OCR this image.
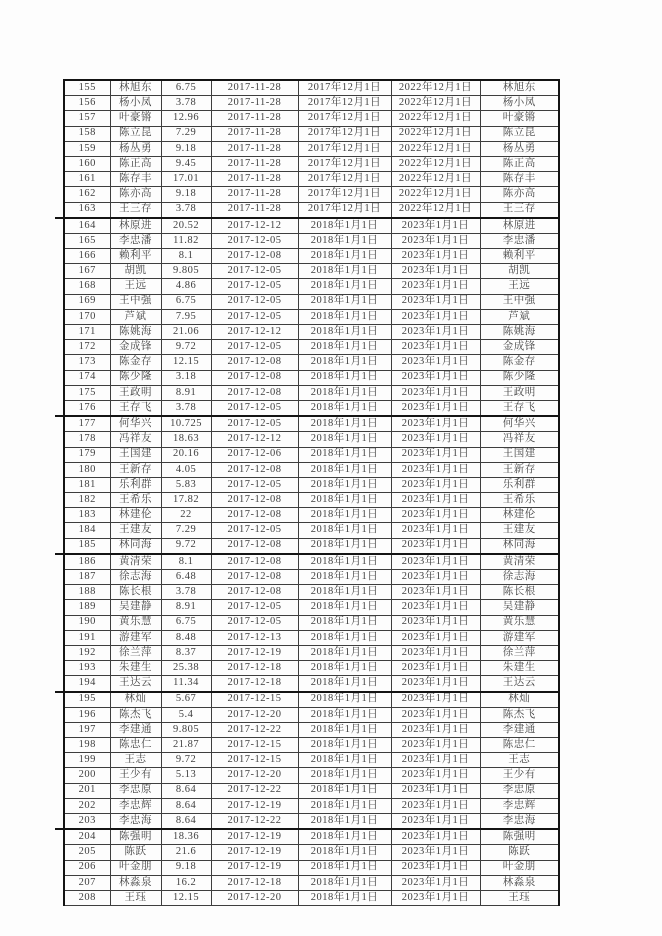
155	林旭东	6.75	2017-11-28	2017年12月1日	2022年12月1日	林旭东
156	杨小凤	3.78	2017-11-28	2017年12月1日	2022年12月1日	杨小凤
157	叶豪锵	12.96	2017-11-28	2017年12月1日	2022年12月1日	叶豪锵
158	陈立昆	7.29	2017-11-28	2017年12月1日	2022年12月1日	陈立昆
159	杨丛勇	9.18	2017-11-28	2017年12月1日	2022年12月1日	杨丛勇
160	陈正高	9.45	2017-11-28	2017年12月1日	2022年12月1日	陈正高
161	陈存丰	17.01	2017-11-28	2017年12月1日	2022年12月1日	陈存丰
162	陈亦高	9.18	2017-11-28	2017年12月1日	2022年12月1日	陈亦高
163	王三存	3.78	2017-11-28	2017年12月1日	2022年12月1日	王三存
164	林原进	20.52	2017-12-12	2018年1月1日	2023年1月1日	林原进
165	李忠潘	11.82	2017-12-05	2018年1月1日	2023年1月1日	李忠潘
166	赖利平	8.1	2017-12-08	2018年1月1日	2023年1月1日	赖利平
167	胡凯	9.805	2017-12-05	2018年1月1日	2023年1月1日	胡凯
168	王远	4.86	2017-12-05	2018年1月1日	2023年1月1日	王远
169	王中强	6.75	2017-12-05	2018年1月1日	2023年1月1日	王中强
170	芦斌	7.95	2017-12-05	2018年1月1日	2023年1月1日	芦斌
171	陈姚海	21.06	2017-12-12	2018年1月1日	2023年1月1日	陈姚海
172	金成锋	9.72	2017-12-05	2018年1月1日	2023年1月1日	金成锋
173	陈金存	12.15	2017-12-08	2018年1月1日	2023年1月1日	陈金存
174	陈少隆	3.18	2017-12-08	2018年1月1日	2023年1月1日	陈少隆
175	王政明	8.91	2017-12-08	2018年1月1日	2023年1月1日	王政明
176	王存飞	3.78	2017-12-05	2018年1月1日	2023年1月1日	王存飞
177	何华兴	10.725	2017-12-05	2018年1月1日	2023年1月1日	何华兴
178	冯祥友	18.63	2017-12-12	2018年1月1日	2023年1月1日	冯祥友
179	王国建	20.16	2017-12-06	2018年1月1日	2023年1月1日	王国建
180	王新存	4.05	2017-12-08	2018年1月1日	2023年1月1日	王新存
181	乐利群	5.83	2017-12-05	2018年1月1日	2023年1月1日	乐利群
182	王希乐	17.82	2017-12-08	2018年1月1日	2023年1月1日	王希乐
183	林建伦	22	2017-12-08	2018年1月1日	2023年1月1日	林建伦
184	王建友	7.29	2017-12-05	2018年1月1日	2023年1月1日	王建友
185	林同海	9.72	2017-12-08	2018年1月1日	2023年1月1日	林同海
186	黄清荣	8.1	2017-12-08	2018年1月1日	2023年1月1日	黄清荣
187	徐志海	6.48	2017-12-08	2018年1月1日	2023年1月1日	徐志海
188	陈长根	3.78	2017-12-08	2018年1月1日	2023年1月1日	陈长根
189	吴建静	8.91	2017-12-05	2018年1月1日	2023年1月1日	吴建静
190	黄乐慧	6.75	2017-12-05	2018年1月1日	2023年1月1日	黄乐慧
191	游建军	8.48	2017-12-13	2018年1月1日	2023年1月1日	游建军
192	徐兰萍	8.37	2017-12-19	2018年1月1日	2023年1月1日	徐兰萍
193	朱建生	25.38	2017-12-18	2018年1月1日	2023年1月1日	朱建生
194	王达云	11.34	2017-12-18	2018年1月1日	2023年1月1日	王达云
195	林灿	5.67	2017-12-15	2018年1月1日	2023年1月1日	林灿
196	陈杰飞	5.4	2017-12-20	2018年1月1日	2023年1月1日	陈杰飞
197	李建通	9.805	2017-12-22	2018年1月1日	2023年1月1日	李建通
198	陈忠仁	21.87	2017-12-15	2018年1月1日	2023年1月1日	陈忠仁
199	王志	9.72	2017-12-15	2018年1月1日	2023年1月1日	王志
200	王少有	5.13	2017-12-20	2018年1月1日	2023年1月1日	王少有
201	李忠原	8.64	2017-12-22	2018年1月1日	2023年1月1日	李忠原
202	李忠辉	8.64	2017-12-19	2018年1月1日	2023年1月1日	李忠辉
203	李忠海	8.64	2017-12-22	2018年1月1日	2023年1月1日	李忠海
204	陈强明	18.36	2017-12-19	2018年1月1日	2023年1月1日	陈强明
205	陈跃	21.6	2017-12-19	2018年1月1日	2023年1月1日	陈跃
206	叶金朋	9.18	2017-12-19	2018年1月1日	2023年1月1日	叶金朋
207	林淼泉	16.2	2017-12-18	2018年1月1日	2023年1月1日	林淼泉
208	王珏	12.15	2017-12-20	2018年1月1日	2023年1月1日	王珏
